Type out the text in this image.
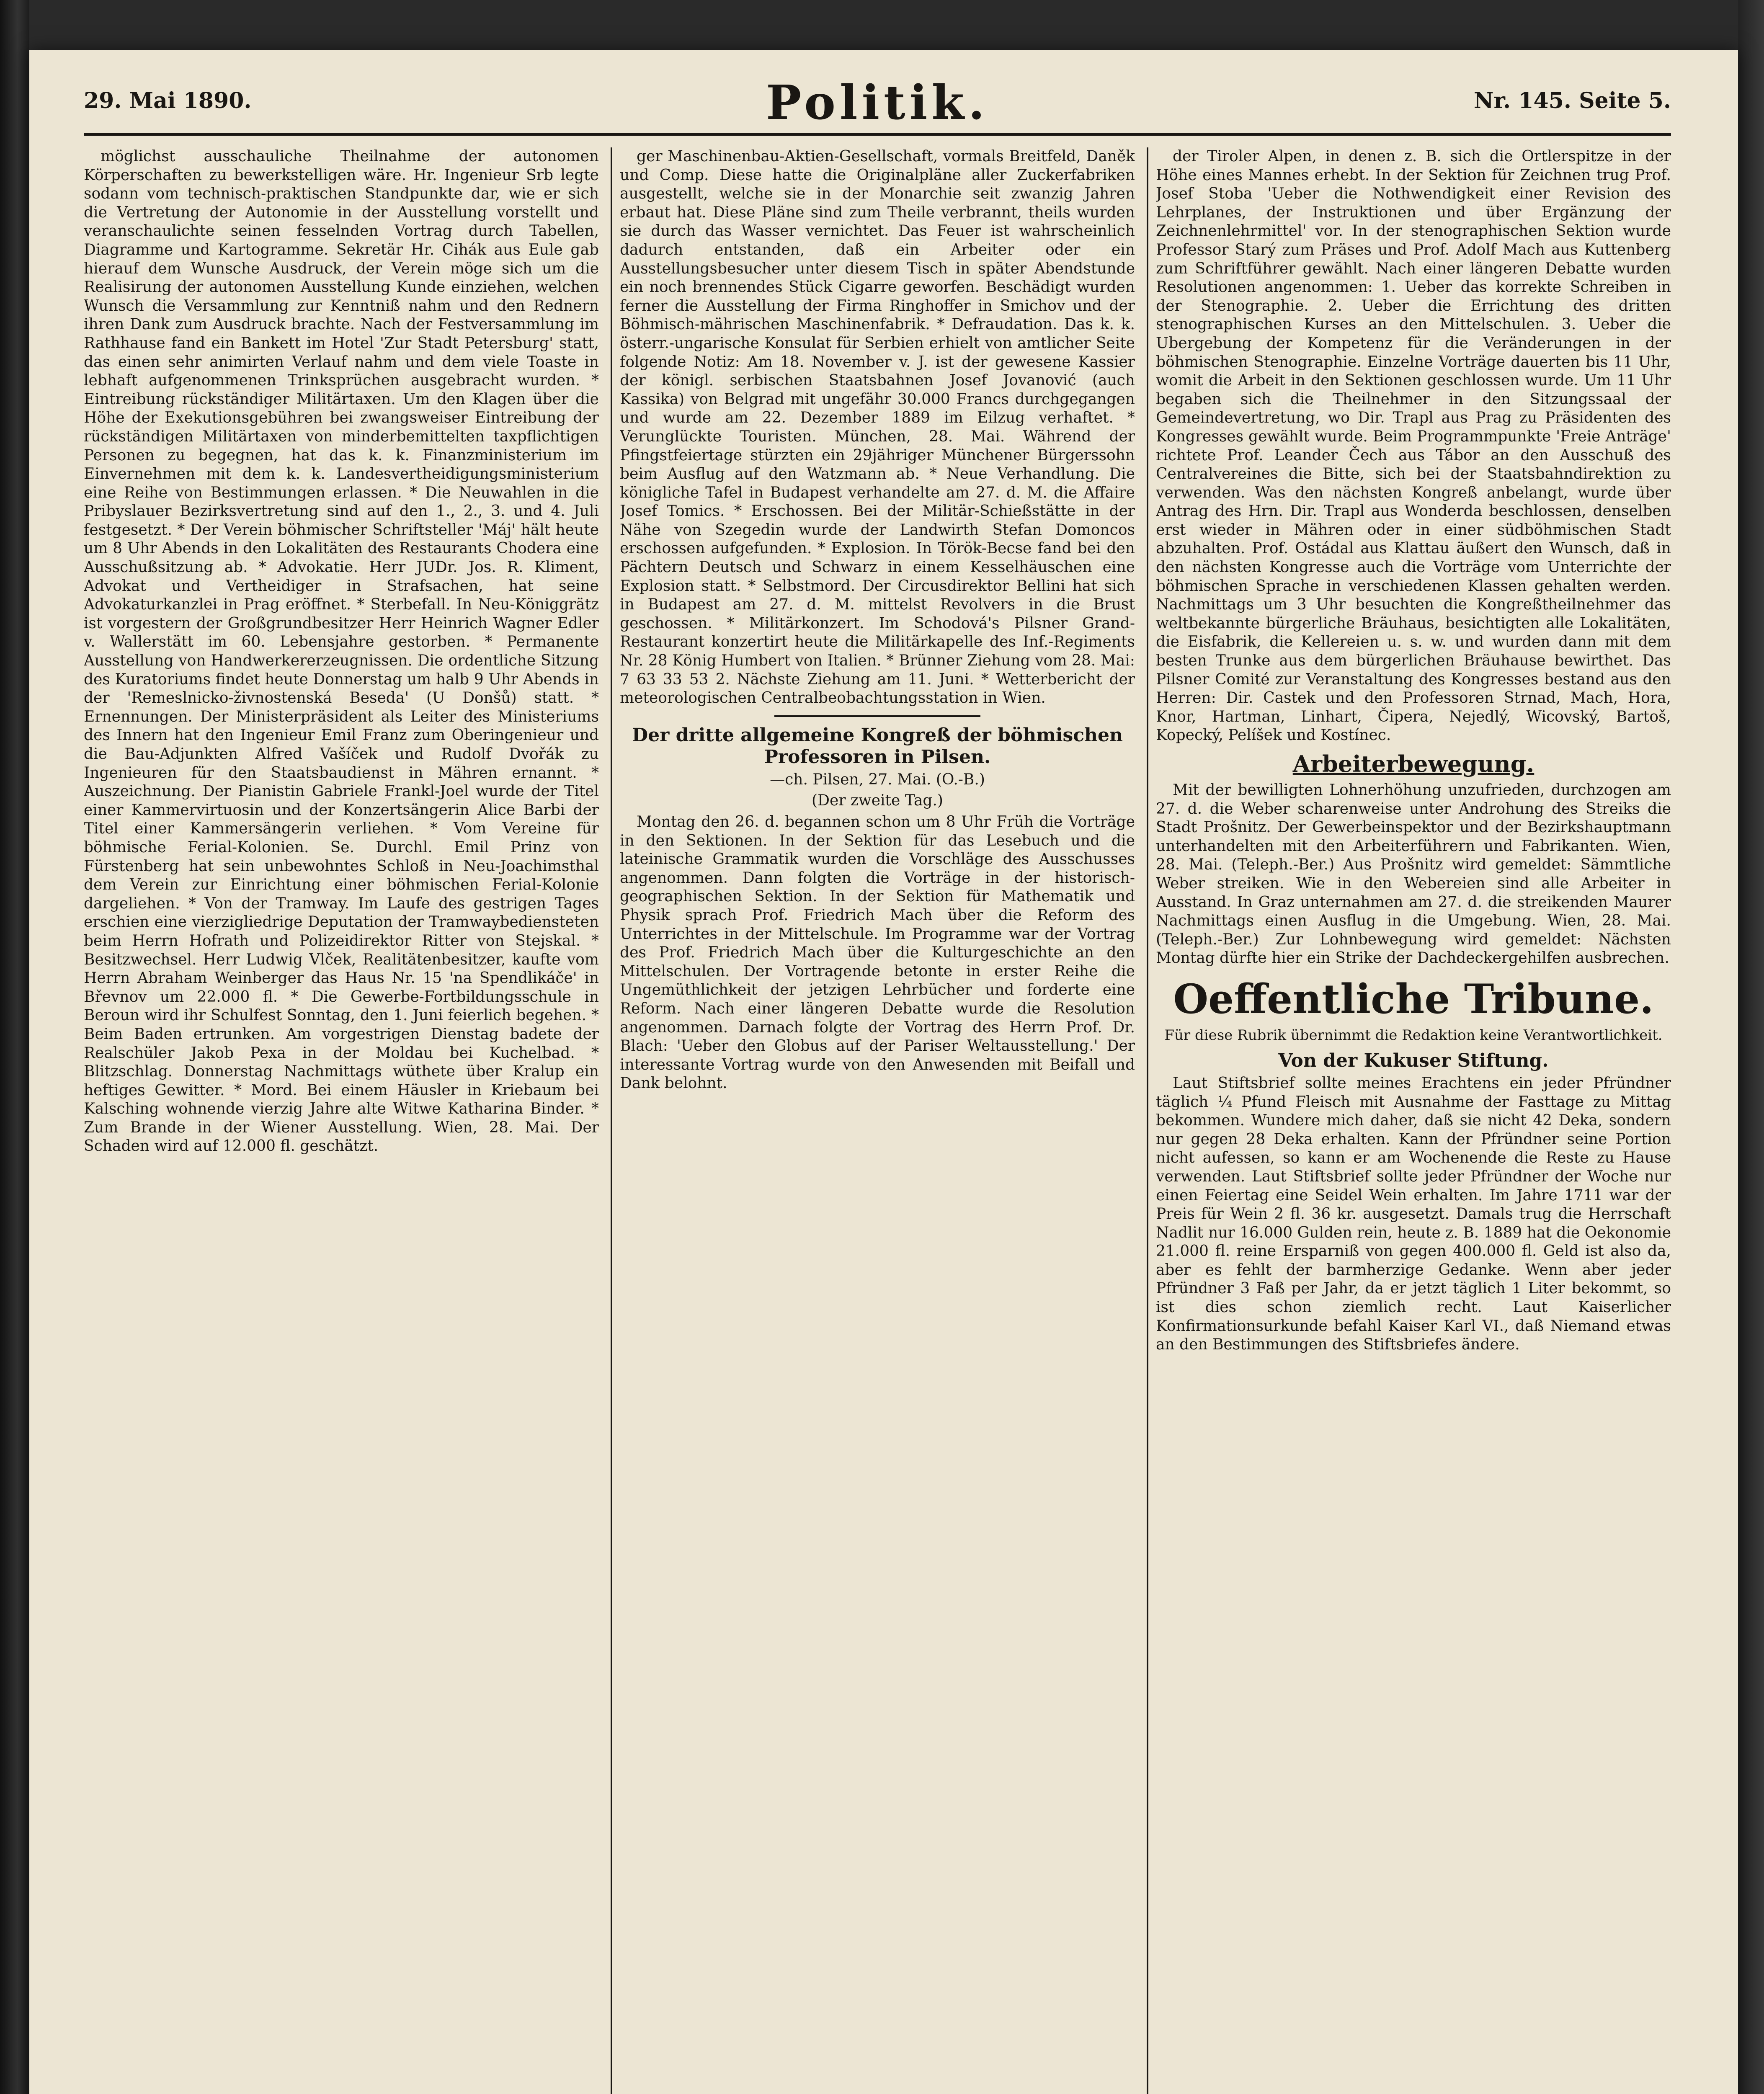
29. Mai 1890.	Politik.	Nr. 145. Seite 5.

möglichst ausschauliche Theilnahme der autonomen Körperschaften zu bewerkstelligen wäre. Hr. Ingenieur Srb legte sodann vom technisch-praktischen Standpunkte dar, wie er sich die Vertretung der Autonomie in der Ausstellung vorstellt und veranschaulichte seinen fesselnden Vortrag durch Tabellen, Diagramme und Kartogramme. Sekretär Hr. Cihák aus Eule gab hierauf dem Wunsche Ausdruck, der Verein möge sich um die Realisirung der autonomen Ausstellung Kunde einziehen, welchen Wunsch die Versammlung zur Kenntniß nahm und den Rednern ihren Dank zum Ausdruck brachte. Nach der Festversammlung im Rathhause fand ein Bankett im Hotel 'Zur Stadt Petersburg' statt, das einen sehr animirten Verlauf nahm und dem viele Toaste in lebhaft aufgenommenen Trinksprüchen ausgebracht wurden. * Eintreibung rückständiger Militärtaxen. Um den Klagen über die Höhe der Exekutionsgebühren bei zwangsweiser Eintreibung der rückständigen Militärtaxen von minderbemittelten taxpflichtigen Personen zu begegnen, hat das k. k. Finanzministerium im Einvernehmen mit dem k. k. Landesvertheidigungsministerium eine Reihe von Bestimmungen erlassen. * Die Neuwahlen in die Pribyslauer Bezirksvertretung sind auf den 1., 2., 3. und 4. Juli festgesetzt. * Der Verein böhmischer Schriftsteller 'Máj' hält heute um 8 Uhr Abends in den Lokalitäten des Restaurants Chodera eine Ausschußsitzung ab. * Advokatie. Herr JUDr. Jos. R. Kliment, Advokat und Vertheidiger in Strafsachen, hat seine Advokaturkanzlei in Prag eröffnet. * Sterbefall. In Neu-Königgrätz ist vorgestern der Großgrundbesitzer Herr Heinrich Wagner Edler v. Wallerstätt im 60. Lebensjahre gestorben. * Permanente Ausstellung von Handwerkererzeugnissen. Die ordentliche Sitzung des Kuratoriums findet heute Donnerstag um halb 9 Uhr Abends in der 'Remeslnicko-živnostenská Beseda' (U Donšů) statt. * Ernennungen. Der Ministerpräsident als Leiter des Ministeriums des Innern hat den Ingenieur Emil Franz zum Oberingenieur und die Bau-Adjunkten Alfred Vašíček und Rudolf Dvořák zu Ingenieuren für den Staatsbaudienst in Mähren ernannt. * Auszeichnung. Der Pianistin Gabriele Frankl-Joel wurde der Titel einer Kammervirtuosin und der Konzertsängerin Alice Barbi der Titel einer Kammersängerin verliehen. * Vom Vereine für böhmische Ferial-Kolonien. Se. Durchl. Emil Prinz von Fürstenberg hat sein unbewohntes Schloß in Neu-Joachimsthal dem Verein zur Einrichtung einer böhmischen Ferial-Kolonie dargeliehen. * Von der Tramway. Im Laufe des gestrigen Tages erschien eine vierzigliedrige Deputation der Tramwaybediensteten beim Herrn Hofrath und Polizeidirektor Ritter von Stejskal. * Besitzwechsel. Herr Ludwig Vlček, Realitätenbesitzer, kaufte vom Herrn Abraham Weinberger das Haus Nr. 15 'na Spendlikáče' in Břevnov um 22.000 fl. * Die Gewerbe-Fortbildungsschule in Beroun wird ihr Schulfest Sonntag, den 1. Juni feierlich begehen. * Beim Baden ertrunken. Am vorgestrigen Dienstag badete der Realschüler Jakob Pexa in der Moldau bei Kuchelbad. * Blitzschlag. Donnerstag Nachmittags wüthete über Kralup ein heftiges Gewitter. * Mord. Bei einem Häusler in Kriebaum bei Kalsching wohnende vierzig Jahre alte Witwe Katharina Binder. * Zum Brande in der Wiener Ausstellung. Wien, 28. Mai. Der Schaden wird auf 12.000 fl. geschätzt.

ger Maschinenbau-Aktien-Gesellschaft, vormals Breitfeld, Daněk und Comp. Diese hatte die Originalpläne aller Zuckerfabriken ausgestellt, welche sie in der Monarchie seit zwanzig Jahren erbaut hat. Diese Pläne sind zum Theile verbrannt, theils wurden sie durch das Wasser vernichtet. Das Feuer ist wahrscheinlich dadurch entstanden, daß ein Arbeiter oder ein Ausstellungsbesucher unter diesem Tisch in später Abendstunde ein noch brennendes Stück Cigarre geworfen. Beschädigt wurden ferner die Ausstellung der Firma Ringhoffer in Smichov und der Böhmisch-mährischen Maschinenfabrik. * Defraudation. Das k. k. österr.-ungarische Konsulat für Serbien erhielt von amtlicher Seite folgende Notiz: Am 18. November v. J. ist der gewesene Kassier der königl. serbischen Staatsbahnen Josef Jovanović (auch Kassika) von Belgrad mit ungefähr 30.000 Francs durchgegangen und wurde am 22. Dezember 1889 im Eilzug verhaftet. * Verunglückte Touristen. München, 28. Mai. Während der Pfingstfeiertage stürzten ein 29jähriger Münchener Bürgerssohn beim Ausflug auf den Watzmann ab. * Neue Verhandlung. Die königliche Tafel in Budapest verhandelte am 27. d. M. die Affaire Josef Tomics. * Erschossen. Bei der Militär-Schießstätte in der Nähe von Szegedin wurde der Landwirth Stefan Domoncos erschossen aufgefunden. * Explosion. In Török-Becse fand bei den Pächtern Deutsch und Schwarz in einem Kesselhäuschen eine Explosion statt. * Selbstmord. Der Circusdirektor Bellini hat sich in Budapest am 27. d. M. mittelst Revolvers in die Brust geschossen. * Militärkonzert. Im Schodová's Pilsner Grand-Restaurant konzertirt heute die Militärkapelle des Inf.-Regiments Nr. 28 König Humbert von Italien. * Brünner Ziehung vom 28. Mai: 7 63 33 53 2. Nächste Ziehung am 11. Juni. * Wetterbericht der meteorologischen Centralbeobachtungsstation in Wien.

Der dritte allgemeine Kongreß der böhmischen Professoren in Pilsen.
—ch. Pilsen, 27. Mai. (O.-B.)
(Der zweite Tag.)

Montag den 26. d. begannen schon um 8 Uhr Früh die Vorträge in den Sektionen. In der Sektion für das Lesebuch und die lateinische Grammatik wurden die Vorschläge des Ausschusses angenommen. Dann folgten die Vorträge in der historisch-geographischen Sektion. In der Sektion für Mathematik und Physik sprach Prof. Friedrich Mach über die Reform des Unterrichtes in der Mittelschule. Im Programme war der Vortrag des Prof. Friedrich Mach über die Kulturgeschichte an den Mittelschulen. Der Vortragende betonte in erster Reihe die Ungemüthlichkeit der jetzigen Lehrbücher und forderte eine Reform. Nach einer längeren Debatte wurde die Resolution angenommen. Darnach folgte der Vortrag des Herrn Prof. Dr. Blach: 'Ueber den Globus auf der Pariser Weltausstellung.' Der interessante Vortrag wurde von den Anwesenden mit Beifall und Dank belohnt.

der Tiroler Alpen, in denen z. B. sich die Ortlerspitze in der Höhe eines Mannes erhebt. In der Sektion für Zeichnen trug Prof. Josef Stoba 'Ueber die Nothwendigkeit einer Revision des Lehrplanes, der Instruktionen und über Ergänzung der Zeichnenlehrmittel' vor. In der stenographischen Sektion wurde Professor Starý zum Präses und Prof. Adolf Mach aus Kuttenberg zum Schriftführer gewählt. Nach einer längeren Debatte wurden Resolutionen angenommen: 1. Ueber das korrekte Schreiben in der Stenographie. 2. Ueber die Errichtung des dritten stenographischen Kurses an den Mittelschulen. 3. Ueber die Ubergebung der Kompetenz für die Veränderungen in der böhmischen Stenographie. Einzelne Vorträge dauerten bis 11 Uhr, womit die Arbeit in den Sektionen geschlossen wurde. Um 11 Uhr begaben sich die Theilnehmer in den Sitzungssaal der Gemeindevertretung, wo Dir. Trapl aus Prag zu Präsidenten des Kongresses gewählt wurde. Beim Programmpunkte 'Freie Anträge' richtete Prof. Leander Čech aus Tábor an den Ausschuß des Centralvereines die Bitte, sich bei der Staatsbahndirektion zu verwenden. Was den nächsten Kongreß anbelangt, wurde über Antrag des Hrn. Dir. Trapl aus Wonderda beschlossen, denselben erst wieder in Mähren oder in einer südböhmischen Stadt abzuhalten. Prof. Ostádal aus Klattau äußert den Wunsch, daß in den nächsten Kongresse auch die Vorträge vom Unterrichte der böhmischen Sprache in verschiedenen Klassen gehalten werden. Nachmittags um 3 Uhr besuchten die Kongreßtheilnehmer das weltbekannte bürgerliche Bräuhaus, besichtigten alle Lokalitäten, die Eisfabrik, die Kellereien u. s. w. und wurden dann mit dem besten Trunke aus dem bürgerlichen Bräuhause bewirthet. Das Pilsner Comité zur Veranstaltung des Kongresses bestand aus den Herren: Dir. Castek und den Professoren Strnad, Mach, Hora, Knor, Hartman, Linhart, Čipera, Nejedlý, Wicovský, Bartoš, Kopecký, Pelíšek und Kostínec.

Arbeiterbewegung.

Mit der bewilligten Lohnerhöhung unzufrieden, durchzogen am 27. d. die Weber scharenweise unter Androhung des Streiks die Stadt Prošnitz. Der Gewerbeinspektor und der Bezirkshauptmann unterhandelten mit den Arbeiterführern und Fabrikanten. Wien, 28. Mai. (Teleph.-Ber.) Aus Prošnitz wird gemeldet: Sämmtliche Weber streiken. Wie in den Webereien sind alle Arbeiter in Ausstand. In Graz unternahmen am 27. d. die streikenden Maurer Nachmittags einen Ausflug in die Umgebung. Wien, 28. Mai. (Teleph.-Ber.) Zur Lohnbewegung wird gemeldet: Nächsten Montag dürfte hier ein Strike der Dachdeckergehilfen ausbrechen.

Oeffentliche Tribune.
Für diese Rubrik übernimmt die Redaktion keine Verantwortlichkeit.
Von der Kukuser Stiftung.

Laut Stiftsbrief sollte meines Erachtens ein jeder Pfründner täglich ¼ Pfund Fleisch mit Ausnahme der Fasttage zu Mittag bekommen. Wundere mich daher, daß sie nicht 42 Deka, sondern nur gegen 28 Deka erhalten. Kann der Pfründner seine Portion nicht aufessen, so kann er am Wochenende die Reste zu Hause verwenden. Laut Stiftsbrief sollte jeder Pfründner der Woche nur einen Feiertag eine Seidel Wein erhalten. Im Jahre 1711 war der Preis für Wein 2 fl. 36 kr. ausgesetzt. Damals trug die Herrschaft Nadlit nur 16.000 Gulden rein, heute z. B. 1889 hat die Oekonomie 21.000 fl. reine Ersparniß von gegen 400.000 fl. Geld ist also da, aber es fehlt der barmherzige Gedanke. Wenn aber jeder Pfründner 3 Faß per Jahr, da er jetzt täglich 1 Liter bekommt, so ist dies schon ziemlich recht. Laut Kaiserlicher Konfirmationsurkunde befahl Kaiser Karl VI., daß Niemand etwas an den Bestimmungen des Stiftsbriefes ändere.
